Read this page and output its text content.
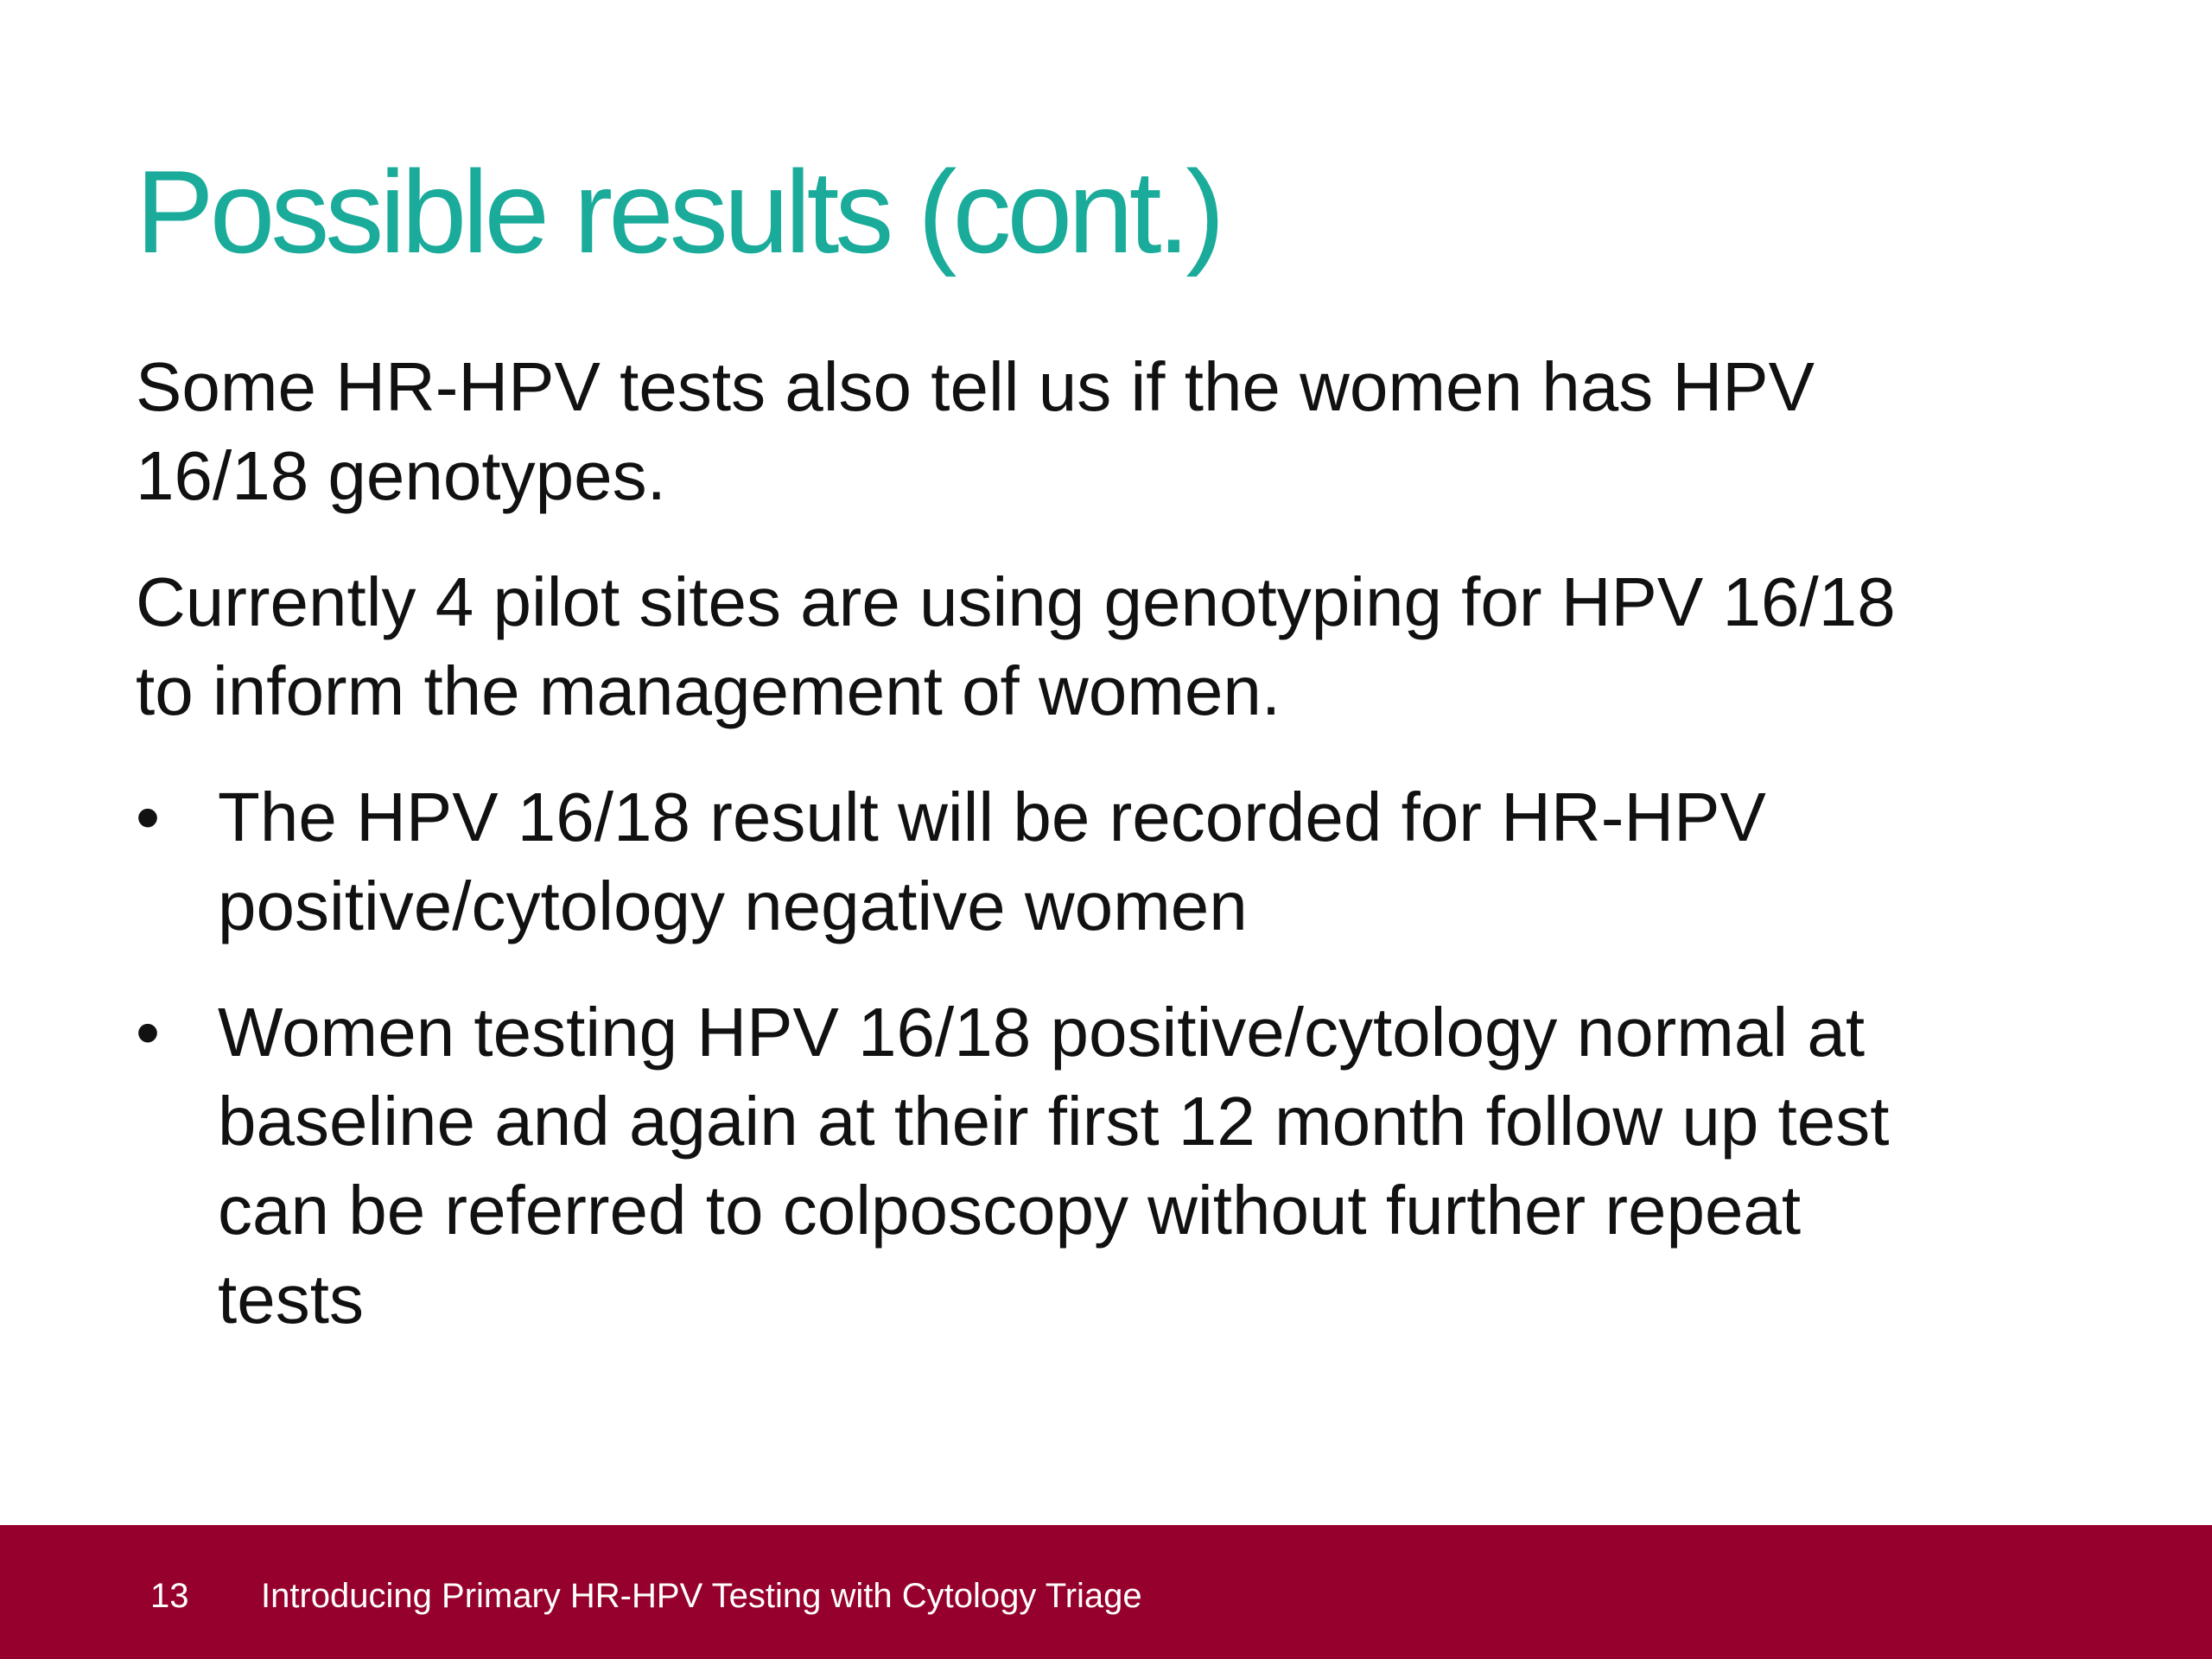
Possible results (cont.)

Some HR-HPV tests also tell us if the women has HPV
16/18 genotypes.

Currently 4 pilot sites are using genotyping for HPV 16/18
to inform the management of women.

• The HPV 16/18 result will be recorded for HR-HPV
positive/cytology negative women
• Women testing HPV 16/18 positive/cytology normal at
baseline and again at their first 12 month follow up test
can be referred to colposcopy without further repeat
tests
13 Introducing Primary HR-HPV Testing with Cytology Triage
